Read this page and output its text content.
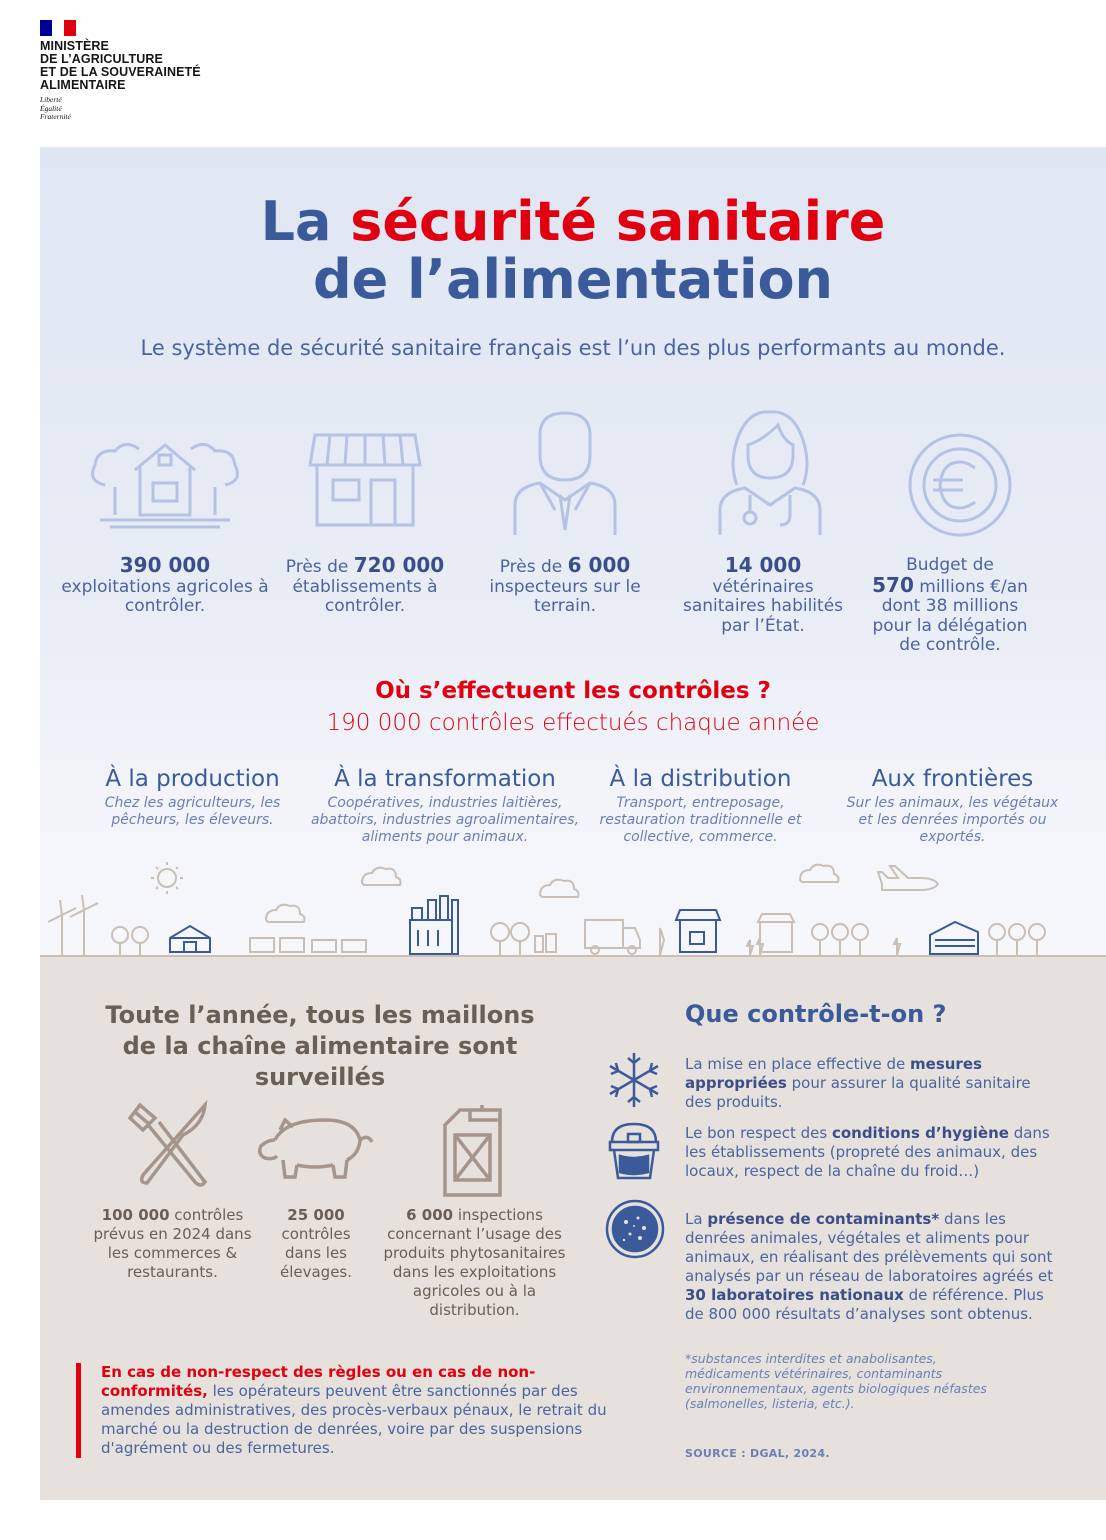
MINISTÈRE
DE L’AGRICULTURE
ET DE LA SOUVERAINETÉ
ALIMENTAIRE
Liberté
Égalité
Fraternité
La sécurité sanitaire
de l’alimentation
Le système de sécurité sanitaire français est l’un des plus performants au monde.
390 000
exploitations agricoles à contrôler.
Près de 720 000
établissements à contrôler.
Près de 6 000
inspecteurs sur le terrain.
14 000
vétérinaires sanitaires habilités par l’État.
Budget de
570 millions €/an
dont 38 millions pour la délégation de contrôle.
Où s’effectuent les contrôles ?
190 000 contrôles effectués chaque année
À la production

Chez les agriculteurs, les pêcheurs, les éleveurs.

À la transformation

Coopératives, industries laitières, abattoirs, industries agroalimentaires, aliments pour animaux.

À la distribution

Transport, entreposage, restauration traditionnelle et collective, commerce.

Aux frontières

Sur les animaux, les végétaux et les denrées importés ou exportés.

Toute l’année, tous les maillons de la chaîne alimentaire sont surveillés
100 000 contrôles prévus en 2024 dans les commerces & restaurants.
25 000 contrôles dans les élevages.
6 000 inspections concernant l’usage des produits phytosanitaires dans les exploitations agricoles ou à la distribution.
En cas de non-respect des règles ou en cas de non-conformités, les opérateurs peuvent être sanctionnés par des amendes administratives, des procès-verbaux pénaux, le retrait du marché ou la destruction de denrées, voire par des suspensions d'agrément ou des fermetures.
Que contrôle-t-on ?
La mise en place effective de mesures appropriées pour assurer la qualité sanitaire des produits.
Le bon respect des conditions d’hygiène dans les établissements (propreté des animaux, des locaux, respect de la chaîne du froid…)
La présence de contaminants* dans les denrées animales, végétales et aliments pour animaux, en réalisant des prélèvements qui sont analysés par un réseau de laboratoires agréés et 30 laboratoires nationaux de référence. Plus de 800 000 résultats d’analyses sont obtenus.
*substances interdites et anabolisantes, médicaments vétérinaires, contaminants environnementaux, agents biologiques néfastes (salmonelles, listeria, etc.).
SOURCE : DGAL, 2024.
